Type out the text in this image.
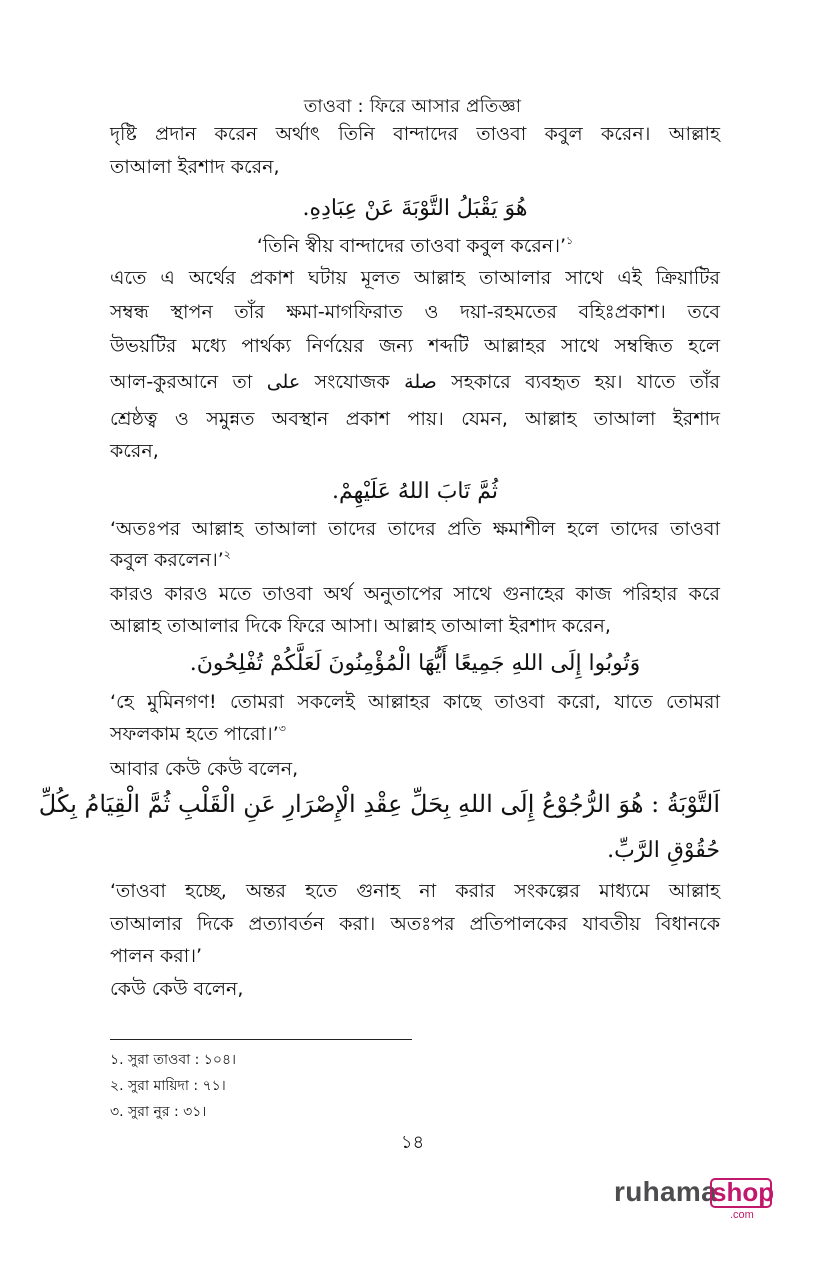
তাওবা : ফিরে আসার প্রতিজ্ঞা
দৃষ্টি প্রদান করেন অর্থাৎ তিনি বান্দাদের তাওবা কবুল করেন। আল্লাহ
তাআলা ইরশাদ করেন,
هُوَ يَقْبَلُ التَّوْبَةَ عَنْ عِبَادِهِ.
‘তিনি স্বীয় বান্দাদের তাওবা কবুল করেন।’$^১$
এতে এ অর্থের প্রকাশ ঘটায় মূলত আল্লাহ তাআলার সাথে এই ক্রিয়াটির
সম্বন্ধ স্থাপন তাঁর ক্ষমা-মাগফিরাত ও দয়া-রহমতের বহিঃপ্রকাশ। তবে
উভয়টির মধ্যে পার্থক্য নির্ণয়ের জন্য শব্দটি আল্লাহর সাথে সম্বন্ধিত হলে
আল-কুরআনে তা على সংযোজক صلة সহকারে ব্যবহৃত হয়। যাতে তাঁর
শ্রেষ্ঠত্ব ও সমুন্নত অবস্থান প্রকাশ পায়। যেমন, আল্লাহ তাআলা ইরশাদ
করেন,
ثُمَّ تَابَ اللهُ عَلَيْهِمْ.
‘অতঃপর আল্লাহ তাআলা তাদের তাদের প্রতি ক্ষমাশীল হলে তাদের তাওবা
কবুল করলেন।’$^২$
কারও কারও মতে তাওবা অর্থ অনুতাপের সাথে গুনাহের কাজ পরিহার করে
আল্লাহ তাআলার দিকে ফিরে আসা। আল্লাহ তাআলা ইরশাদ করেন,
وَتُوبُوا إِلَى اللهِ جَمِيعًا أَيُّهَا الْمُؤْمِنُونَ لَعَلَّكُمْ تُفْلِحُونَ.
‘হে মুমিনগণ! তোমরা সকলেই আল্লাহর কাছে তাওবা করো, যাতে তোমরা
সফলকাম হতে পারো।’$^৩$
আবার কেউ কেউ বলেন,
اَلتَّوْبَةُ : هُوَ الرُّجُوْعُ إِلَى اللهِ بِحَلِّ عِقْدِ الْإِصْرَارِ عَنِ الْقَلْبِ ثُمَّ الْقِيَامُ بِكُلِّ
حُقُوْقِ الرَّبِّ.
‘তাওবা হচ্ছে, অন্তর হতে গুনাহ না করার সংকল্পের মাধ্যমে আল্লাহ
তাআলার দিকে প্রত্যাবর্তন করা। অতঃপর প্রতিপালকের যাবতীয় বিধানকে
পালন করা।’
কেউ কেউ বলেন,
১. সুরা তাওবা : ১০৪।
২. সুরা মায়িদা : ৭১।
৩. সুরা নুর : ৩১।
১৪
ruhama
shop
.com
